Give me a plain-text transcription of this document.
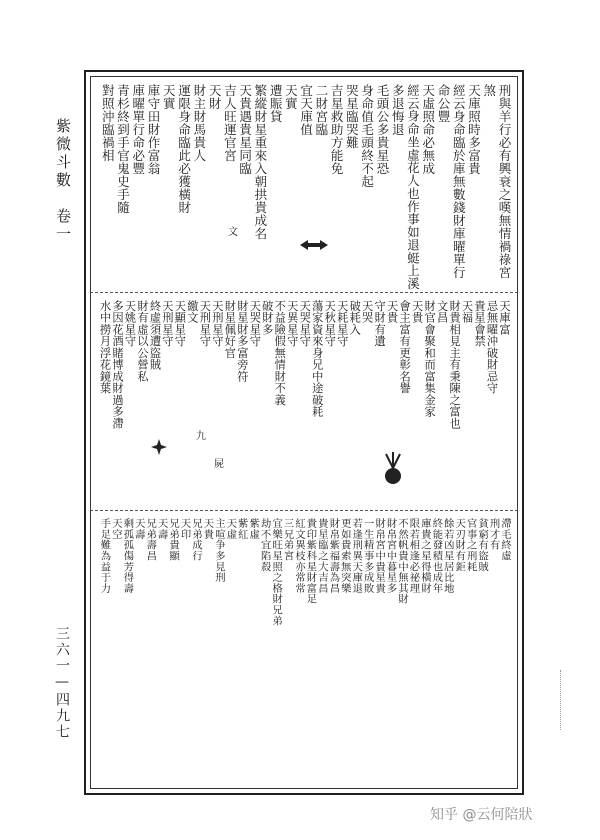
紫微斗數　卷一
三六一—四九七
刑與羊行必有興衰之嘆無情禍祿宮
煞
天庫照時多富貴
經云身命臨於庫無數錢財庫曜單行
命公豐
天虛照命必無成
經云身命坐虛花人也作事如退蜓上溪
多退悔退
毛頭公多貴星恐
身命值毛頭終不起
哭星臨哭難
吉星救助方能免
二財宮臨
宜天庫值
天實
遭賑貸
繁縱財星重來入朝拱貴成名
天貴遇貴星同臨
吉人旺運官宮
天財
財主財馬貴人
運限身命臨此必獲橫財
天實
庫守田財作富翁
庫曜單行命必豐
青杉終到手官鬼史手隨
對照沖臨禍相
天庫富
忌無曜沖破財忌守
貴星會禁
天福
財貴相見主有秉陳之富也
文昌
財官會聚和而富集金家
天貴
會主富有更彰名譽
天貴
守財有遺
天哭
破耗入
天耗星守
天秋星守
蕩家資來身兄中途破耗
天哭星守
天異星守
不益險假無情財不義
破財多
天哭星守
財星財多富旁符
財星佩好官
天刑星守
天刑星守
繳文
天顯星守
天刑星守
終虛須遭盜賊
財有虛以公營私
天姚星守
多因花酒賭博成財過多滯
水中撈月浮花鏡葉
滯毛終虛
刑才有
貧窮有盜賊
官事之刑耗
天刃財有鉅
餘若凶星居比地
終能發積也成年
庫貴之星得橫財
限若相逢必祕理
不然帆貴中無其財
財帛宮中暮星多
財帛宮中貴星貴
一生精事多成敗
若逢刑異天庫退
更如貴索無突樂
財帛紫福壽為昌
貴星臨之大吉昌
貴印紫科星財富足
紅文異枝亦常常
三兄弟宮
宜樂旺星照之格財兄弟
劫不宜陷殺
紫虛
紫紅
天虛
主喧争多見刑
天貴
兄弟成行
天印
兄弟貴顯
天壽
兄弟壽昌
天壽
剩孤孤傷芳得壽
天空
手足難為益于力
文
九
屍
知乎 @云何陪狀
